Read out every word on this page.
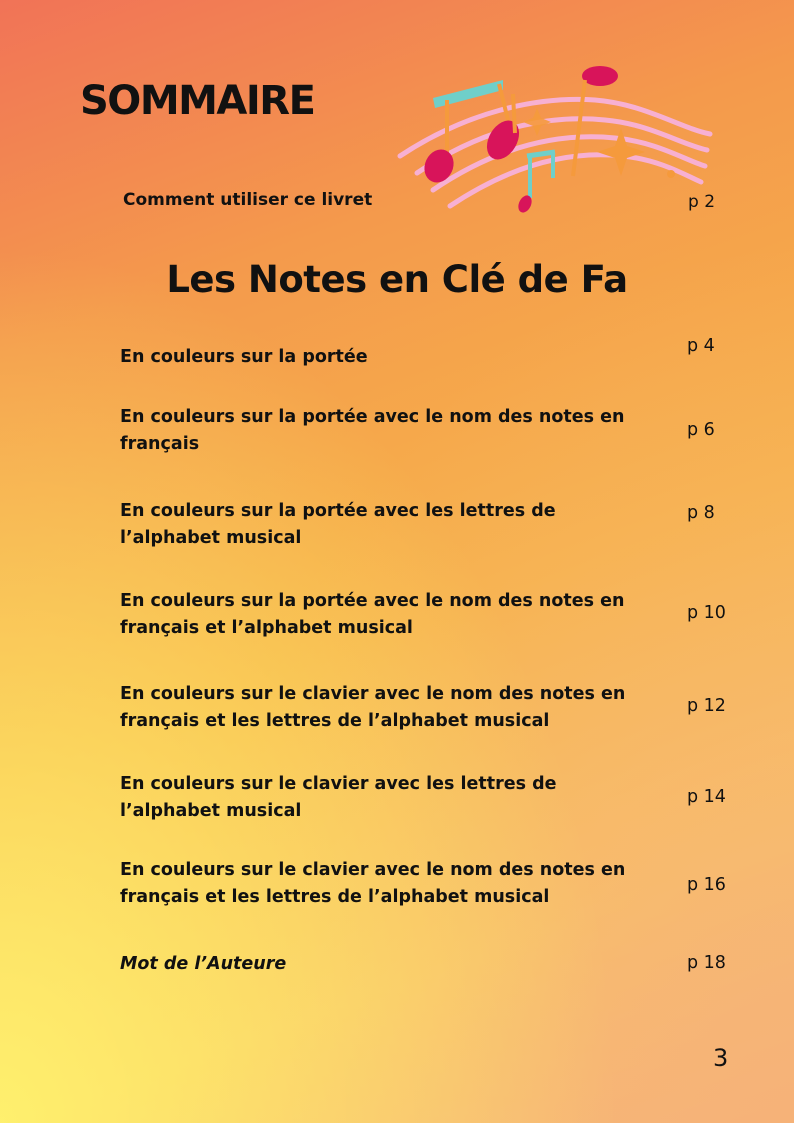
SOMMAIRE
Comment utiliser ce livret	p 2
Les Notes en Clé de Fa
En couleurs sur la portée
p 4
En couleurs sur la portée avec le nom des notes en français
p 6
En couleurs sur la portée avec les lettres de l’alphabet musical
p 8
En couleurs sur la portée avec le nom des notes en français et l’alphabet musical
p 10
En couleurs sur le clavier avec le nom des notes en français et les lettres de l’alphabet musical
p 12
En couleurs sur le clavier avec les lettres de l’alphabet musical
p 14
En couleurs sur le clavier avec le nom des notes en français et les lettres de l’alphabet musical
p 16
Mot de l’Auteure	p 18
3
